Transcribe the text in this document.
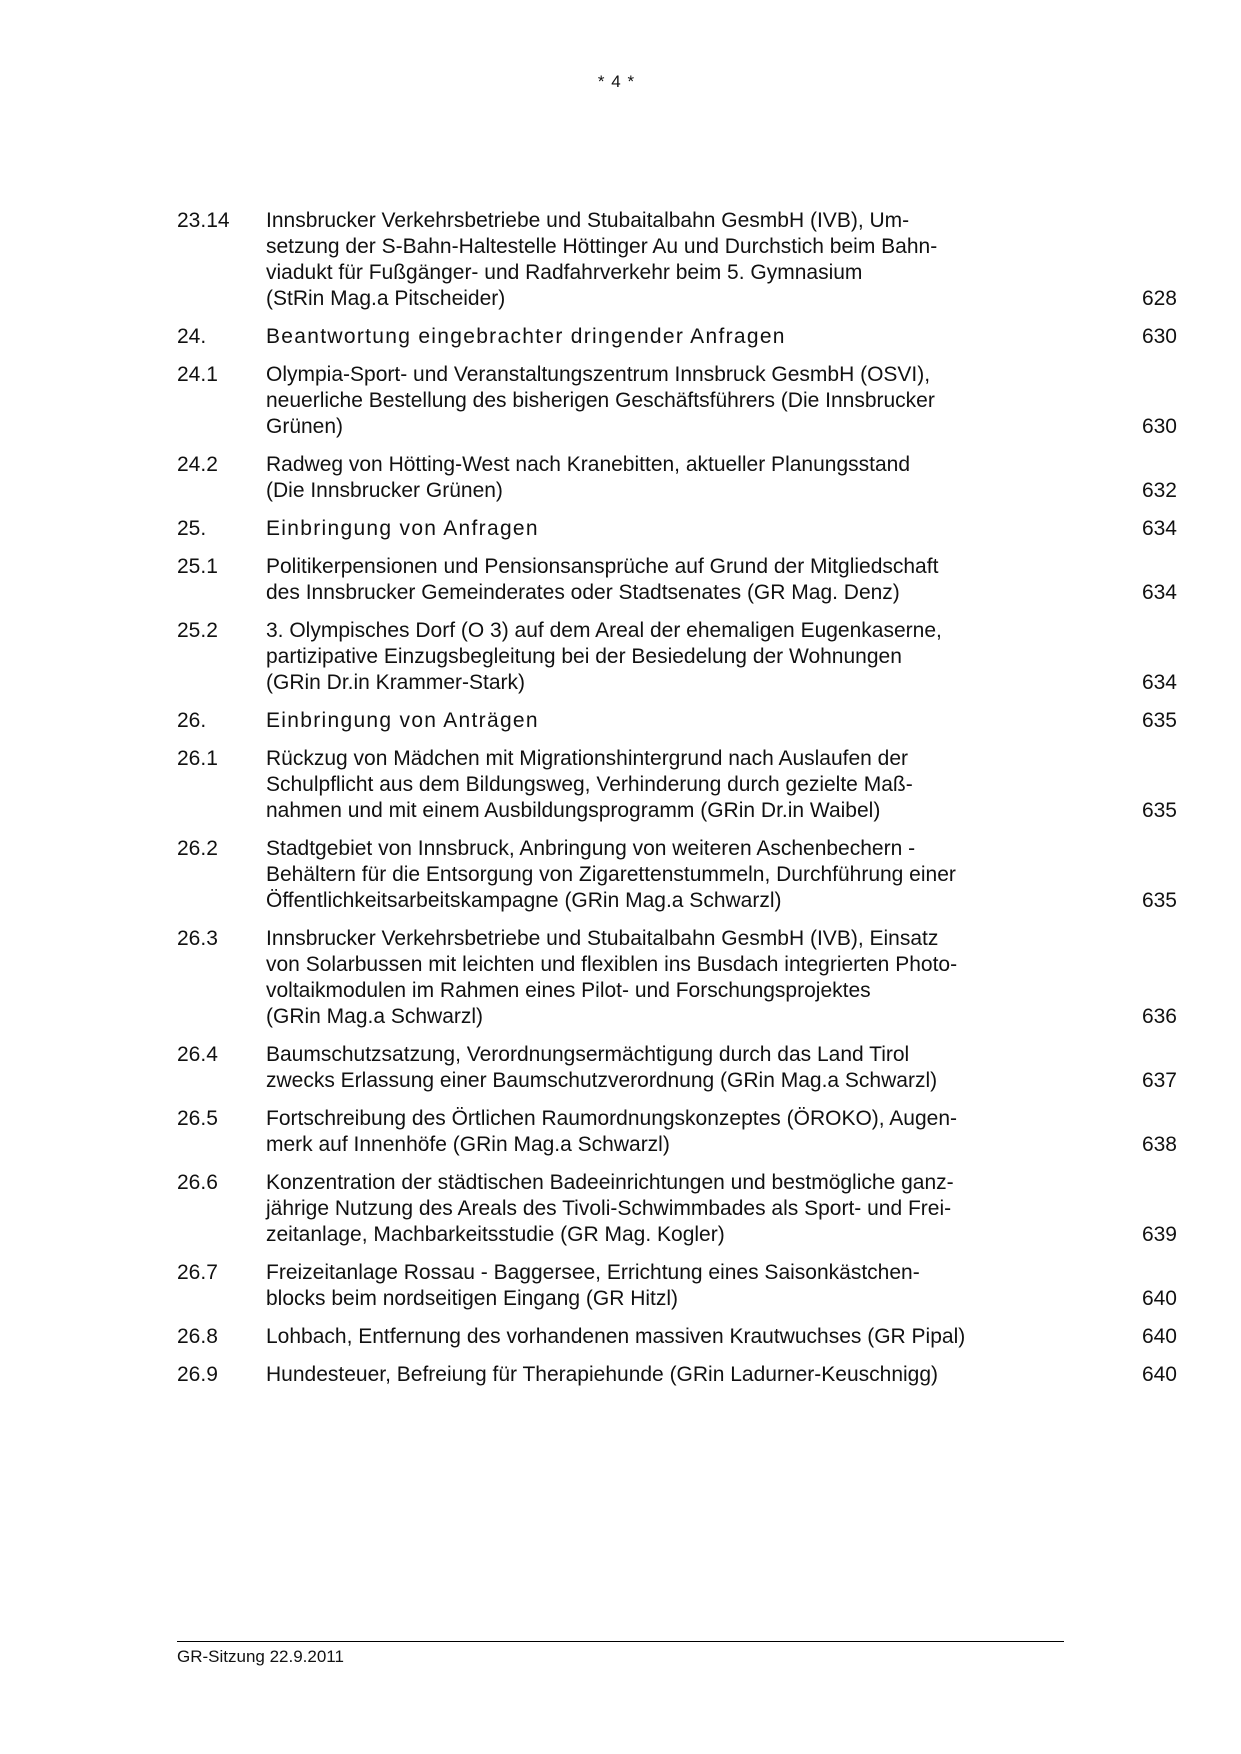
* 4 *
23.14	Innsbrucker Verkehrsbetriebe und Stubaitalbahn GesmbH (IVB), Um-
setzung der S-Bahn-Haltestelle Höttinger Au und Durchstich beim Bahn-
viadukt für Fußgänger- und Radfahrverkehr beim 5. Gymnasium
(StRin Mag.a Pitscheider)	628
24.	Beantwortung eingebrachter dringender Anfragen	630
24.1	Olympia-Sport- und Veranstaltungszentrum Innsbruck GesmbH (OSVI),
neuerliche Bestellung des bisherigen Geschäftsführers (Die Innsbrucker
Grünen)	630
24.2	Radweg von Hötting-West nach Kranebitten, aktueller Planungsstand
(Die Innsbrucker Grünen)	632
25.	Einbringung von Anfragen	634
25.1	Politikerpensionen und Pensionsansprüche auf Grund der Mitgliedschaft
des Innsbrucker Gemeinderates oder Stadtsenates (GR Mag. Denz)	634
25.2	3. Olympisches Dorf (O 3) auf dem Areal der ehemaligen Eugenkaserne,
partizipative Einzugsbegleitung bei der Besiedelung der Wohnungen
(GRin Dr.in Krammer-Stark)	634
26.	Einbringung von Anträgen	635
26.1	Rückzug von Mädchen mit Migrationshintergrund nach Auslaufen der
Schulpflicht aus dem Bildungsweg, Verhinderung durch gezielte Maß-
nahmen und mit einem Ausbildungsprogramm (GRin Dr.in Waibel)	635
26.2	Stadtgebiet von Innsbruck, Anbringung von weiteren Aschenbechern -
Behältern für die Entsorgung von Zigarettenstummeln, Durchführung einer
Öffentlichkeitsarbeitskampagne (GRin Mag.a Schwarzl)	635
26.3	Innsbrucker Verkehrsbetriebe und Stubaitalbahn GesmbH (IVB), Einsatz
von Solarbussen mit leichten und flexiblen ins Busdach integrierten Photo-
voltaikmodulen im Rahmen eines Pilot- und Forschungsprojektes
(GRin Mag.a Schwarzl)	636
26.4	Baumschutzsatzung, Verordnungsermächtigung durch das Land Tirol
zwecks Erlassung einer Baumschutzverordnung (GRin Mag.a Schwarzl)	637
26.5	Fortschreibung des Örtlichen Raumordnungskonzeptes (ÖROKO), Augen-
merk auf Innenhöfe (GRin Mag.a Schwarzl)	638
26.6	Konzentration der städtischen Badeeinrichtungen und bestmögliche ganz-
jährige Nutzung des Areals des Tivoli-Schwimmbades als Sport- und Frei-
zeitanlage, Machbarkeitsstudie (GR Mag. Kogler)	639
26.7	Freizeitanlage Rossau - Baggersee, Errichtung eines Saisonkästchen-
blocks beim nordseitigen Eingang (GR Hitzl)	640
26.8	Lohbach, Entfernung des vorhandenen massiven Krautwuchses (GR Pipal)	640
26.9	Hundesteuer, Befreiung für Therapiehunde (GRin Ladurner-Keuschnigg)	640
GR-Sitzung 22.9.2011
